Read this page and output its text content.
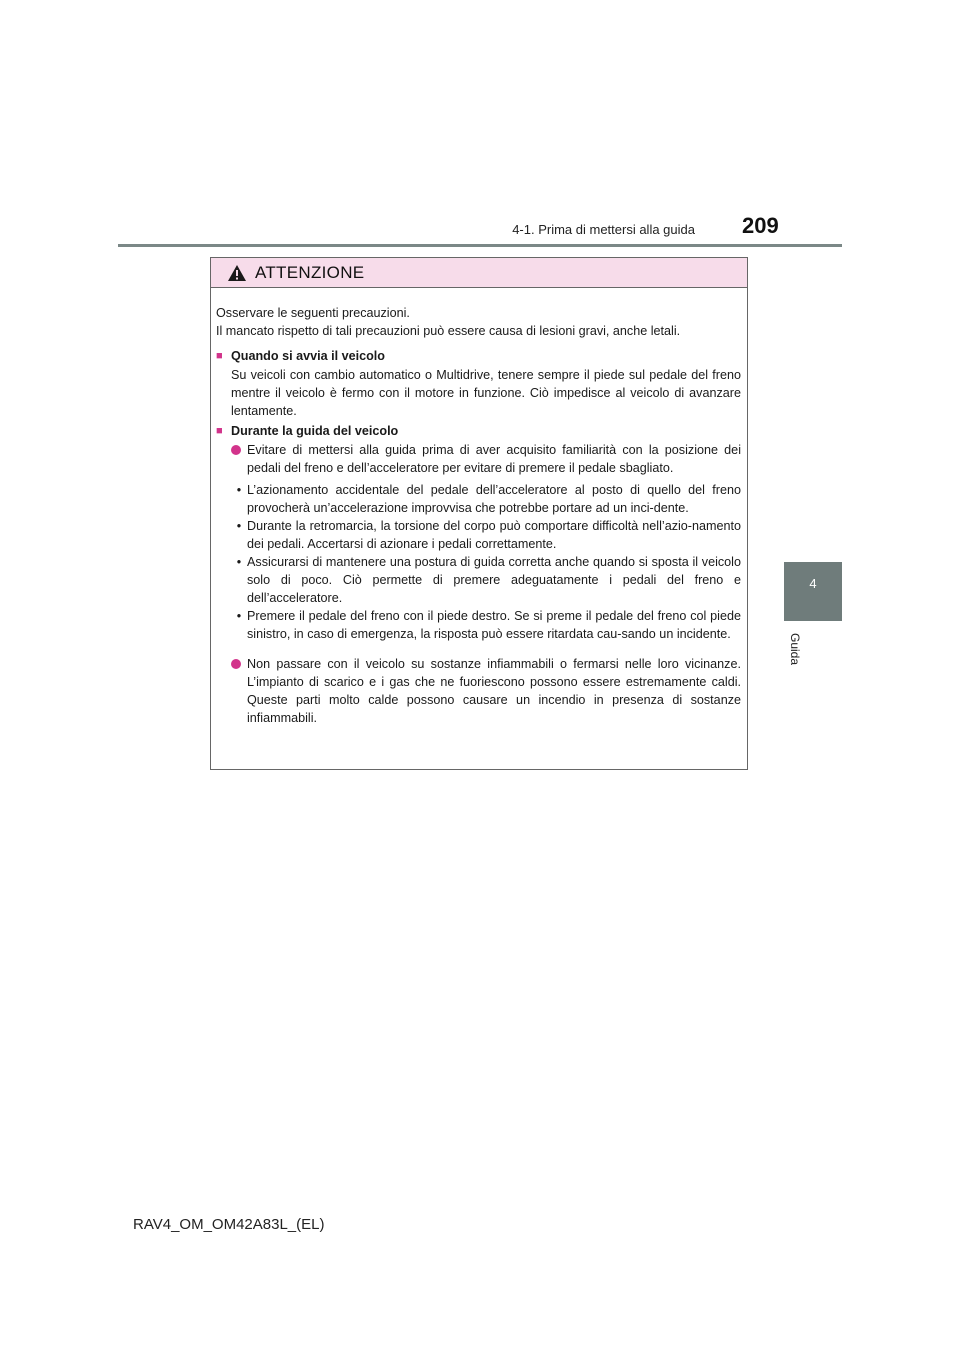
4-1. Prima di mettersi alla guida 209
4
Guida
ATTENZIONE

Osservare le seguenti precauzioni.

Il mancato rispetto di tali precauzioni può essere causa di lesioni gravi, anche letali.

■ Quando si avvia il veicolo

Su veicoli con cambio automatico o Multidrive, tenere sempre il piede sul pedale del freno mentre il veicolo è fermo con il motore in funzione. Ciò impedisce al veicolo di avanzare lentamente.

■ Durante la guida del veicolo

Evitare di mettersi alla guida prima di aver acquisito familiarità con la posizione dei pedali del freno e dell’acceleratore per evitare di premere il pedale sbagliato.

• L’azionamento accidentale del pedale dell’acceleratore al posto di quello del freno provocherà un’accelerazione improvvisa che potrebbe portare ad un inci-dente.
• Durante la retromarcia, la torsione del corpo può comportare difficoltà nell’azio-namento dei pedali. Accertarsi di azionare i pedali correttamente.
• Assicurarsi di mantenere una postura di guida corretta anche quando si sposta il veicolo solo di poco. Ciò permette di premere adeguatamente i pedali del freno e dell’acceleratore.
• Premere il pedale del freno con il piede destro. Se si preme il pedale del freno col piede sinistro, in caso di emergenza, la risposta può essere ritardata cau-sando un incidente.

Non passare con il veicolo su sostanze infiammabili o fermarsi nelle loro vicinanze. L’impianto di scarico e i gas che ne fuoriescono possono essere estremamente caldi. Queste parti molto calde possono causare un incendio in presenza di sostanze infiammabili.

RAV4_OM_OM42A83L_(EL)
